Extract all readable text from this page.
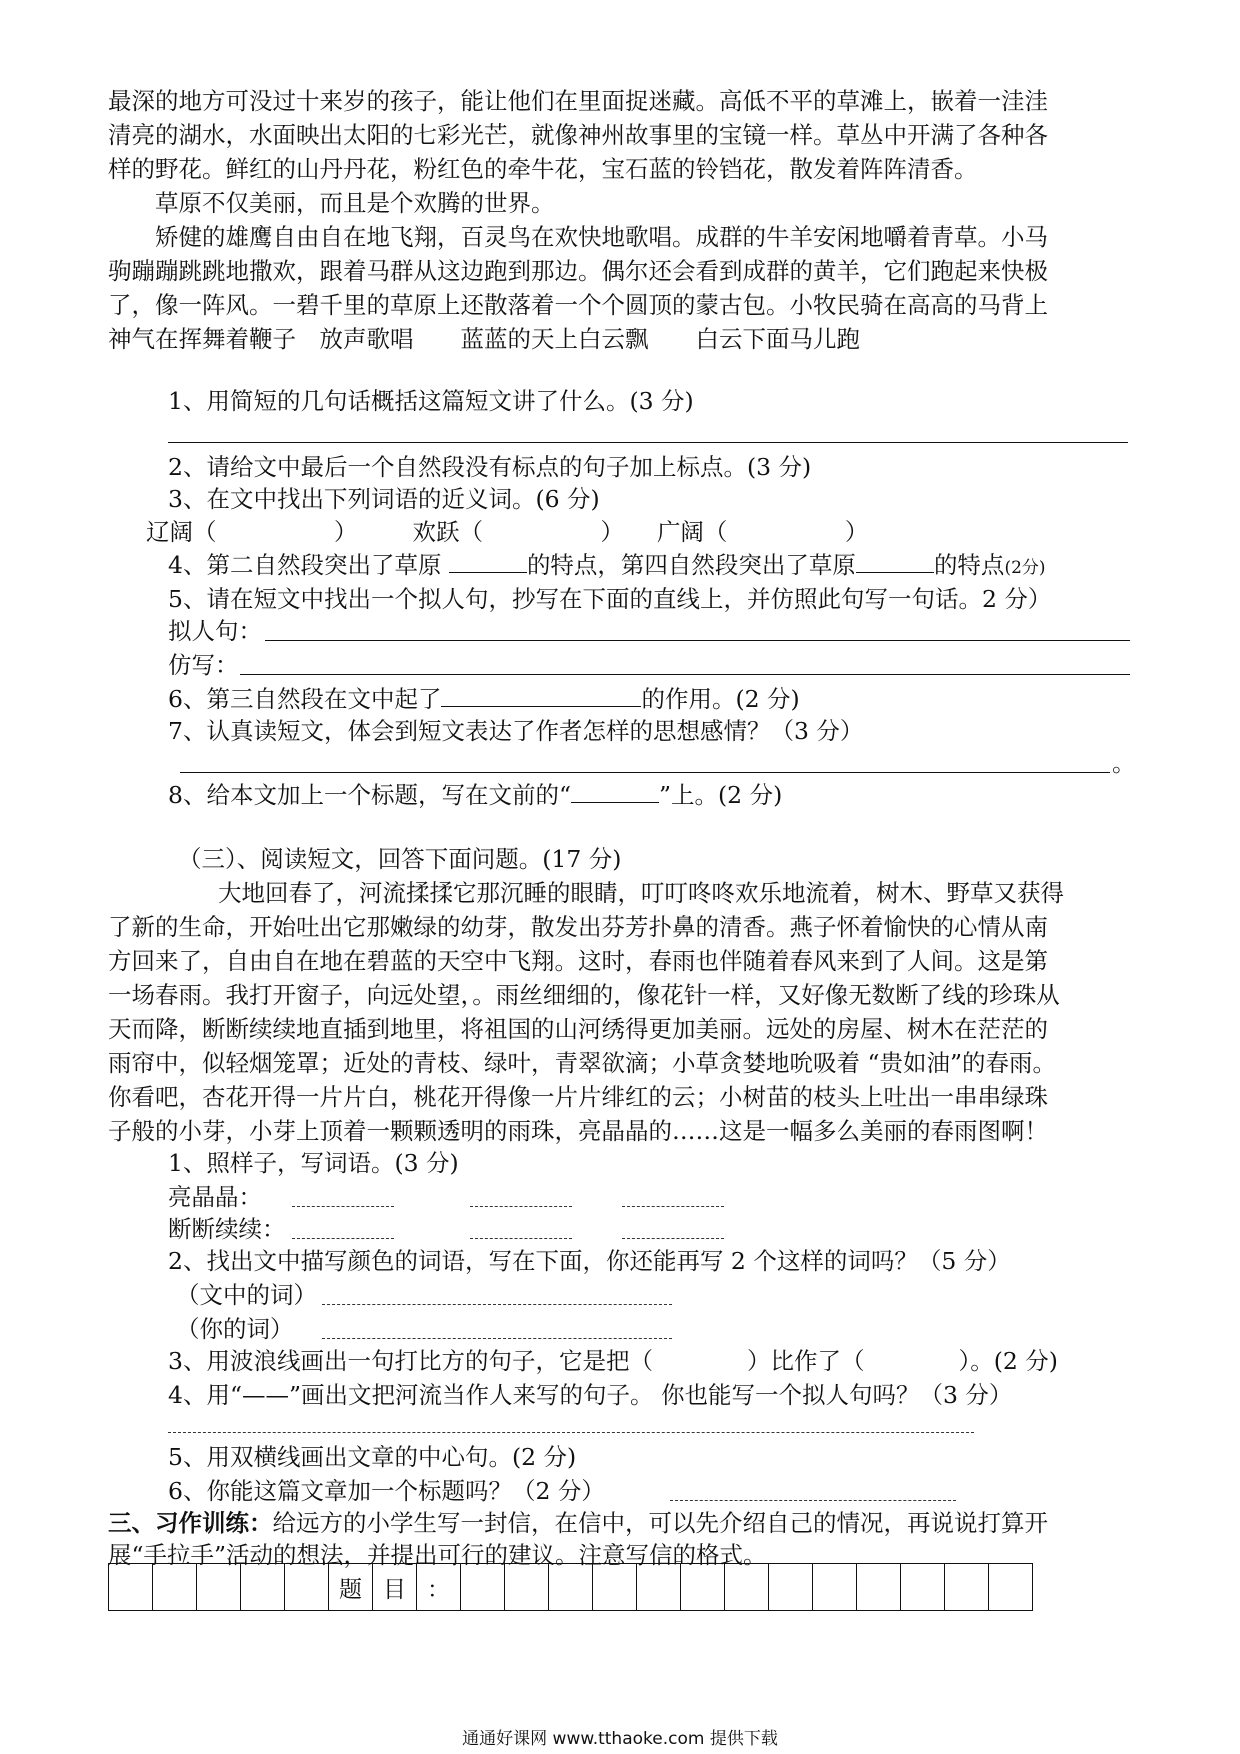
最深的地方可没过十来岁的孩子，能让他们在里面捉迷藏。高低不平的草滩上，嵌着一洼洼
清亮的湖水，水面映出太阳的七彩光芒，就像神州故事里的宝镜一样。草丛中开满了各种各
样的野花。鲜红的山丹丹花，粉红色的牵牛花，宝石蓝的铃铛花，散发着阵阵清香。
草原不仅美丽，而且是个欢腾的世界。
矫健的雄鹰自由自在地飞翔，百灵鸟在欢快地歌唱。成群的牛羊安闲地嚼着青草。小马
驹蹦蹦跳跳地撒欢，跟着马群从这边跑到那边。偶尔还会看到成群的黄羊，它们跑起来快极
了，像一阵风。一碧千里的草原上还散落着一个个圆顶的蒙古包。小牧民骑在高高的马背上
神气在挥舞着鞭子　放声歌唱　　蓝蓝的天上白云飘　　白云下面马儿跑
1、用简短的几句话概括这篇短文讲了什么。(3 分)
2、请给文中最后一个自然段没有标点的句子加上标点。(3 分)
3、在文中找出下列词语的近义词。(6 分)
辽阔（　　　　　） 欢跃（　　　　　） 广阔（　　　　　）
4、第二自然段突出了草原	的特点，第四自然段突出了草原	的特点(2分)
5、请在短文中找出一个拟人句，抄写在下面的直线上，并仿照此句写一句话。2 分）
拟人句：
仿写：
6、第三自然段在文中起了	的作用。(2 分)
7、认真读短文，体会到短文表达了作者怎样的思想感情？（3 分）
。
8、给本文加上一个标题，写在文前的“	”上。(2 分)
（三）、阅读短文，回答下面问题。(17 分)
大地回春了，河流揉揉它那沉睡的眼睛，叮叮咚咚欢乐地流着，树木、野草又获得
了新的生命，开始吐出它那嫩绿的幼芽，散发出芬芳扑鼻的清香。燕子怀着愉快的心情从南
方回来了，自由自在地在碧蓝的天空中飞翔。这时，春雨也伴随着春风来到了人间。这是第
一场春雨。我打开窗子，向远处望，。雨丝细细的，像花针一样，又好像无数断了线的珍珠从
天而降，断断续续地直插到地里，将祖国的山河绣得更加美丽。远处的房屋、树木在茫茫的
雨帘中，似轻烟笼罩；近处的青枝、绿叶，青翠欲滴；小草贪婪地吮吸着 “贵如油”的春雨。
你看吧，杏花开得一片片白，桃花开得像一片片绯红的云；小树苗的枝头上吐出一串串绿珠
子般的小芽，小芽上顶着一颗颗透明的雨珠，亮晶晶的……这是一幅多么美丽的春雨图啊！
1、照样子，写词语。(3 分)
亮晶晶：
断断续续：
2、找出文中描写颜色的词语，写在下面，你还能再写 2 个这样的词吗？（5 分）
（文中的词）
（你的词）
3、用波浪线画出一句打比方的句子，它是把（　　　　）比作了（　　　　）。(2 分)
4、用“——”画出文把河流当作人来写的句子。 你也能写一个拟人句吗？（3 分）
5、用双横线画出文章的中心句。(2 分)
6、你能这篇文章加一个标题吗？（2 分）
三、习作训练：给远方的小学生写一封信，在信中，可以先介绍自己的情况，再说说打算开
展“手拉手”活动的想法，并提出可行的建议。注意写信的格式。
					题	目	：													
通通好课网 www.tthaoke.com 提供下载
